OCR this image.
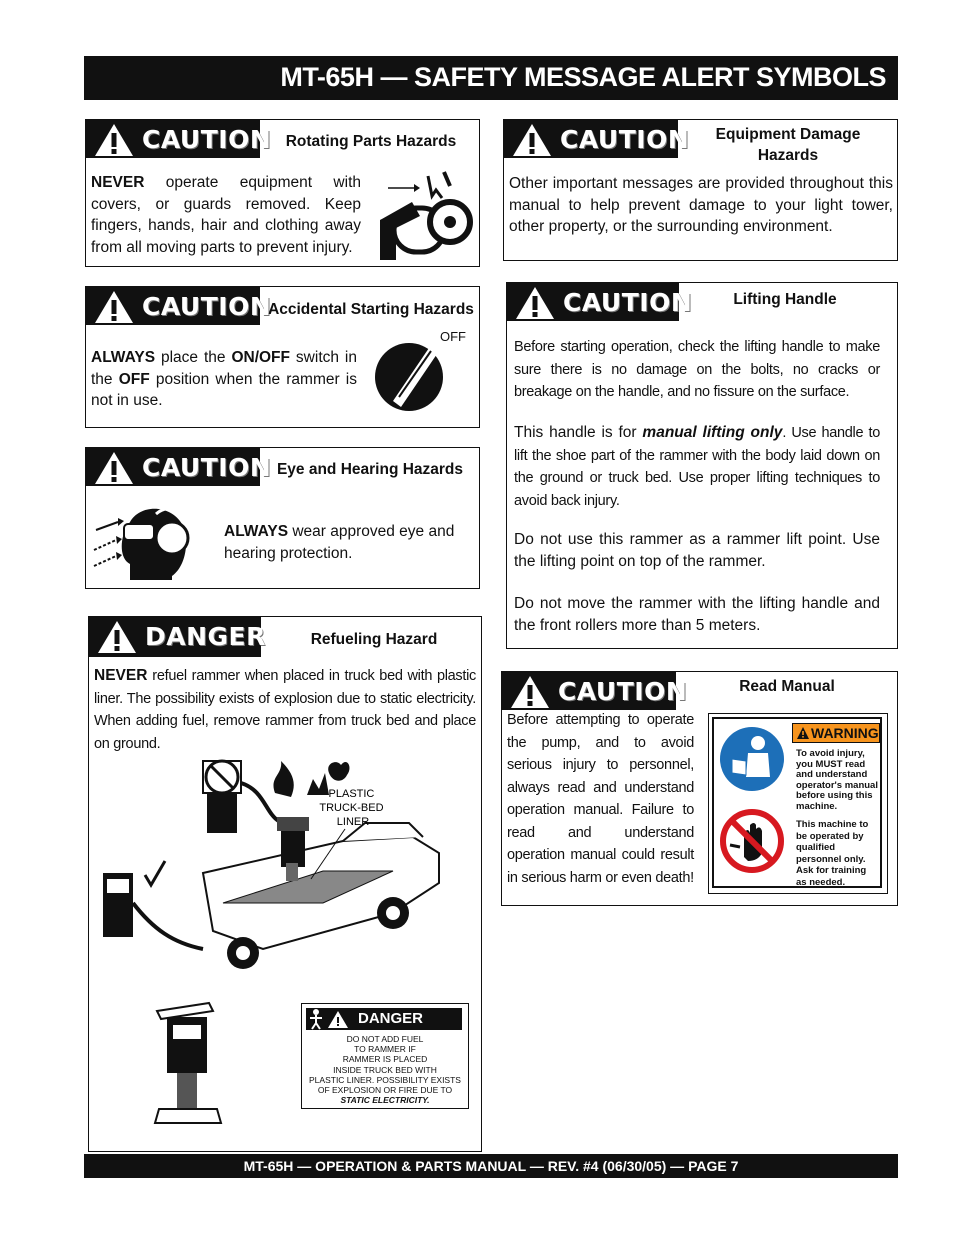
MT-65H — SAFETY MESSAGE ALERT SYMBOLS
MT-65H — OPERATION & PARTS MANUAL — REV. #4 (06/30/05) — PAGE 7
CAUTION Rotating Parts Hazards
NEVER operate equipment with covers, or guards removed. Keep fingers, hands, hair and clothing away from all moving parts to prevent injury.
CAUTION
Accidental Starting Hazards
ALWAYS place the ON/OFF switch in the OFF position when the rammer is not in use.
OFF
CAUTION Eye and Hearing Hazards
ALWAYS wear approved eye and hearing protection.
DANGER	Refueling Hazard
NEVER refuel rammer when placed in truck bed with plastic liner. The possibility exists of explosion due to static electricity. When adding fuel, remove rammer from truck bed and place on ground.
PLASTIC TRUCK-BED LINER
DANGER
DO NOT ADD FUEL
TO RAMMER IF
RAMMER IS PLACED
INSIDE TRUCK BED WITH
PLASTIC LINER. POSSIBILITY EXISTS
OF EXPLOSION OR FIRE DUE TO
STATIC ELECTRICITY.
CAUTION	Equipment Damage Hazards
Other important messages are provided throughout this manual to help prevent damage to your light tower, other property, or the surrounding environment.
CAUTION	Lifting Handle
Before starting operation, check the lifting handle to make sure there is no damage on the bolts, no cracks or breakage on the handle, and no fissure on the surface.
This handle is for manual lifting only. Use handle to lift the shoe part of the rammer with the body laid down on the ground or truck bed. Use proper lifting techniques to avoid back injury.
Do not use this rammer as a rammer lift point. Use the lifting point on top of the rammer.
Do not move the rammer with the lifting handle and the front rollers more than 5 meters.
CAUTION	Read Manual
Before attempting to operate the pump, and to avoid serious injury to personnel, always read and understand operation manual. Failure to read and understand operation manual could result in serious harm or even death!
WARNING
To avoid injury,
you MUST read
and understand
operator's manual
before using this
machine.
This machine to
be operated by
qualified
personnel only.
Ask for training
as needed.
